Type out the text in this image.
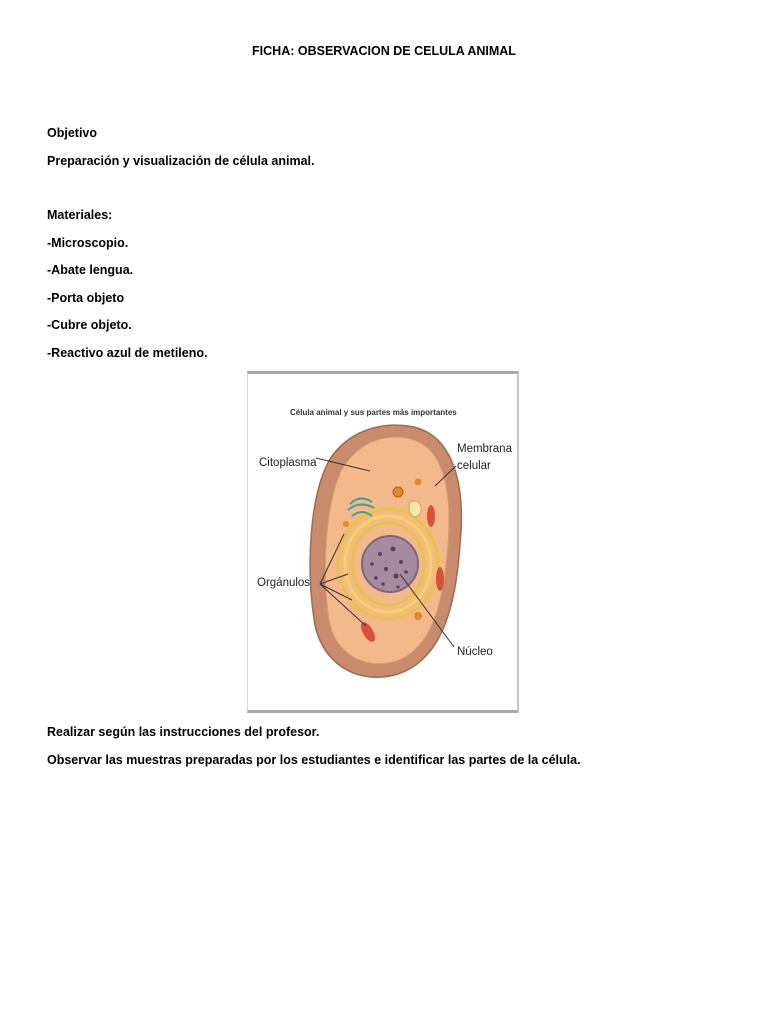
FICHA: OBSERVACION DE CELULA ANIMAL
Objetivo
Preparación y visualización de célula animal.
Materiales:
-Microscopio.
-Abate lengua.
-Porta objeto
-Cubre objeto.
-Reactivo azul de metileno.
Célula animal y sus partes más importantes
Citoplasma
Membrana
celular
Orgánulos
Núcleo
Realizar según las instrucciones del profesor.
Observar las muestras preparadas por los estudiantes e identificar las partes de la célula.
